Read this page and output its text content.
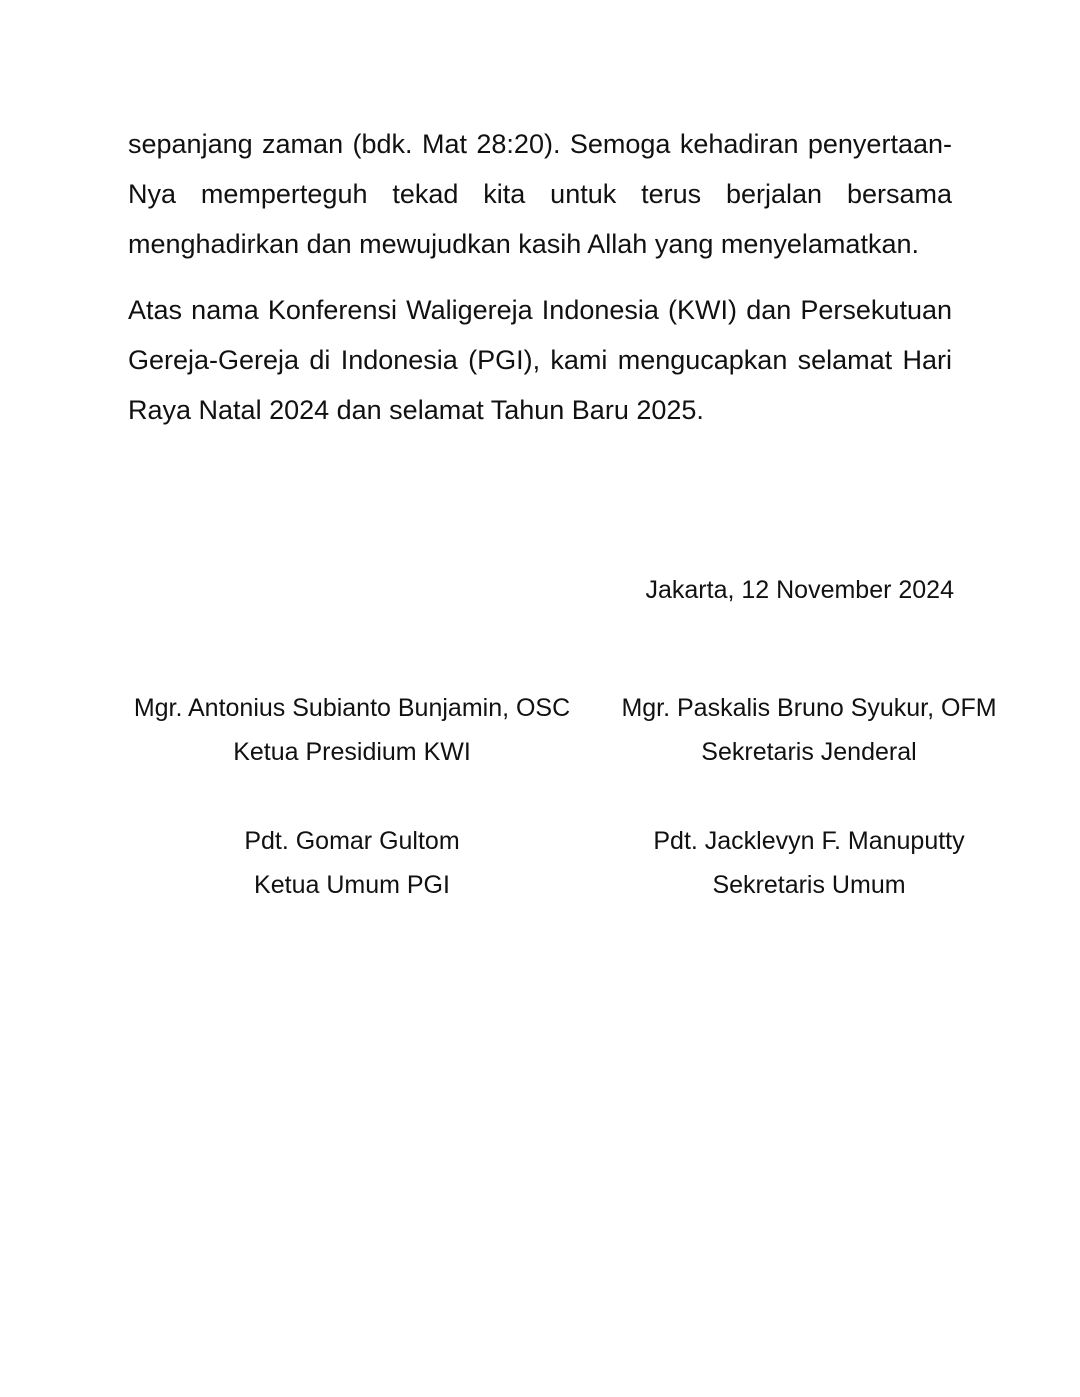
sepanjang zaman (bdk. Mat 28:20). Semoga kehadiran penyertaan-Nya memperteguh tekad kita untuk terus berjalan bersama menghadirkan dan mewujudkan kasih Allah yang menyelamatkan.

Atas nama Konferensi Waligereja Indonesia (KWI) dan Persekutuan Gereja-Gereja di Indonesia (PGI), kami mengucapkan selamat Hari Raya Natal 2024 dan selamat Tahun Baru 2025.

Jakarta, 12 November 2024
Mgr. Antonius Subianto Bunjamin, OSC
Ketua Presidium KWI
Mgr. Paskalis Bruno Syukur, OFM
Sekretaris Jenderal
Pdt. Gomar Gultom
Ketua Umum PGI
Pdt. Jacklevyn F. Manuputty
Sekretaris Umum
